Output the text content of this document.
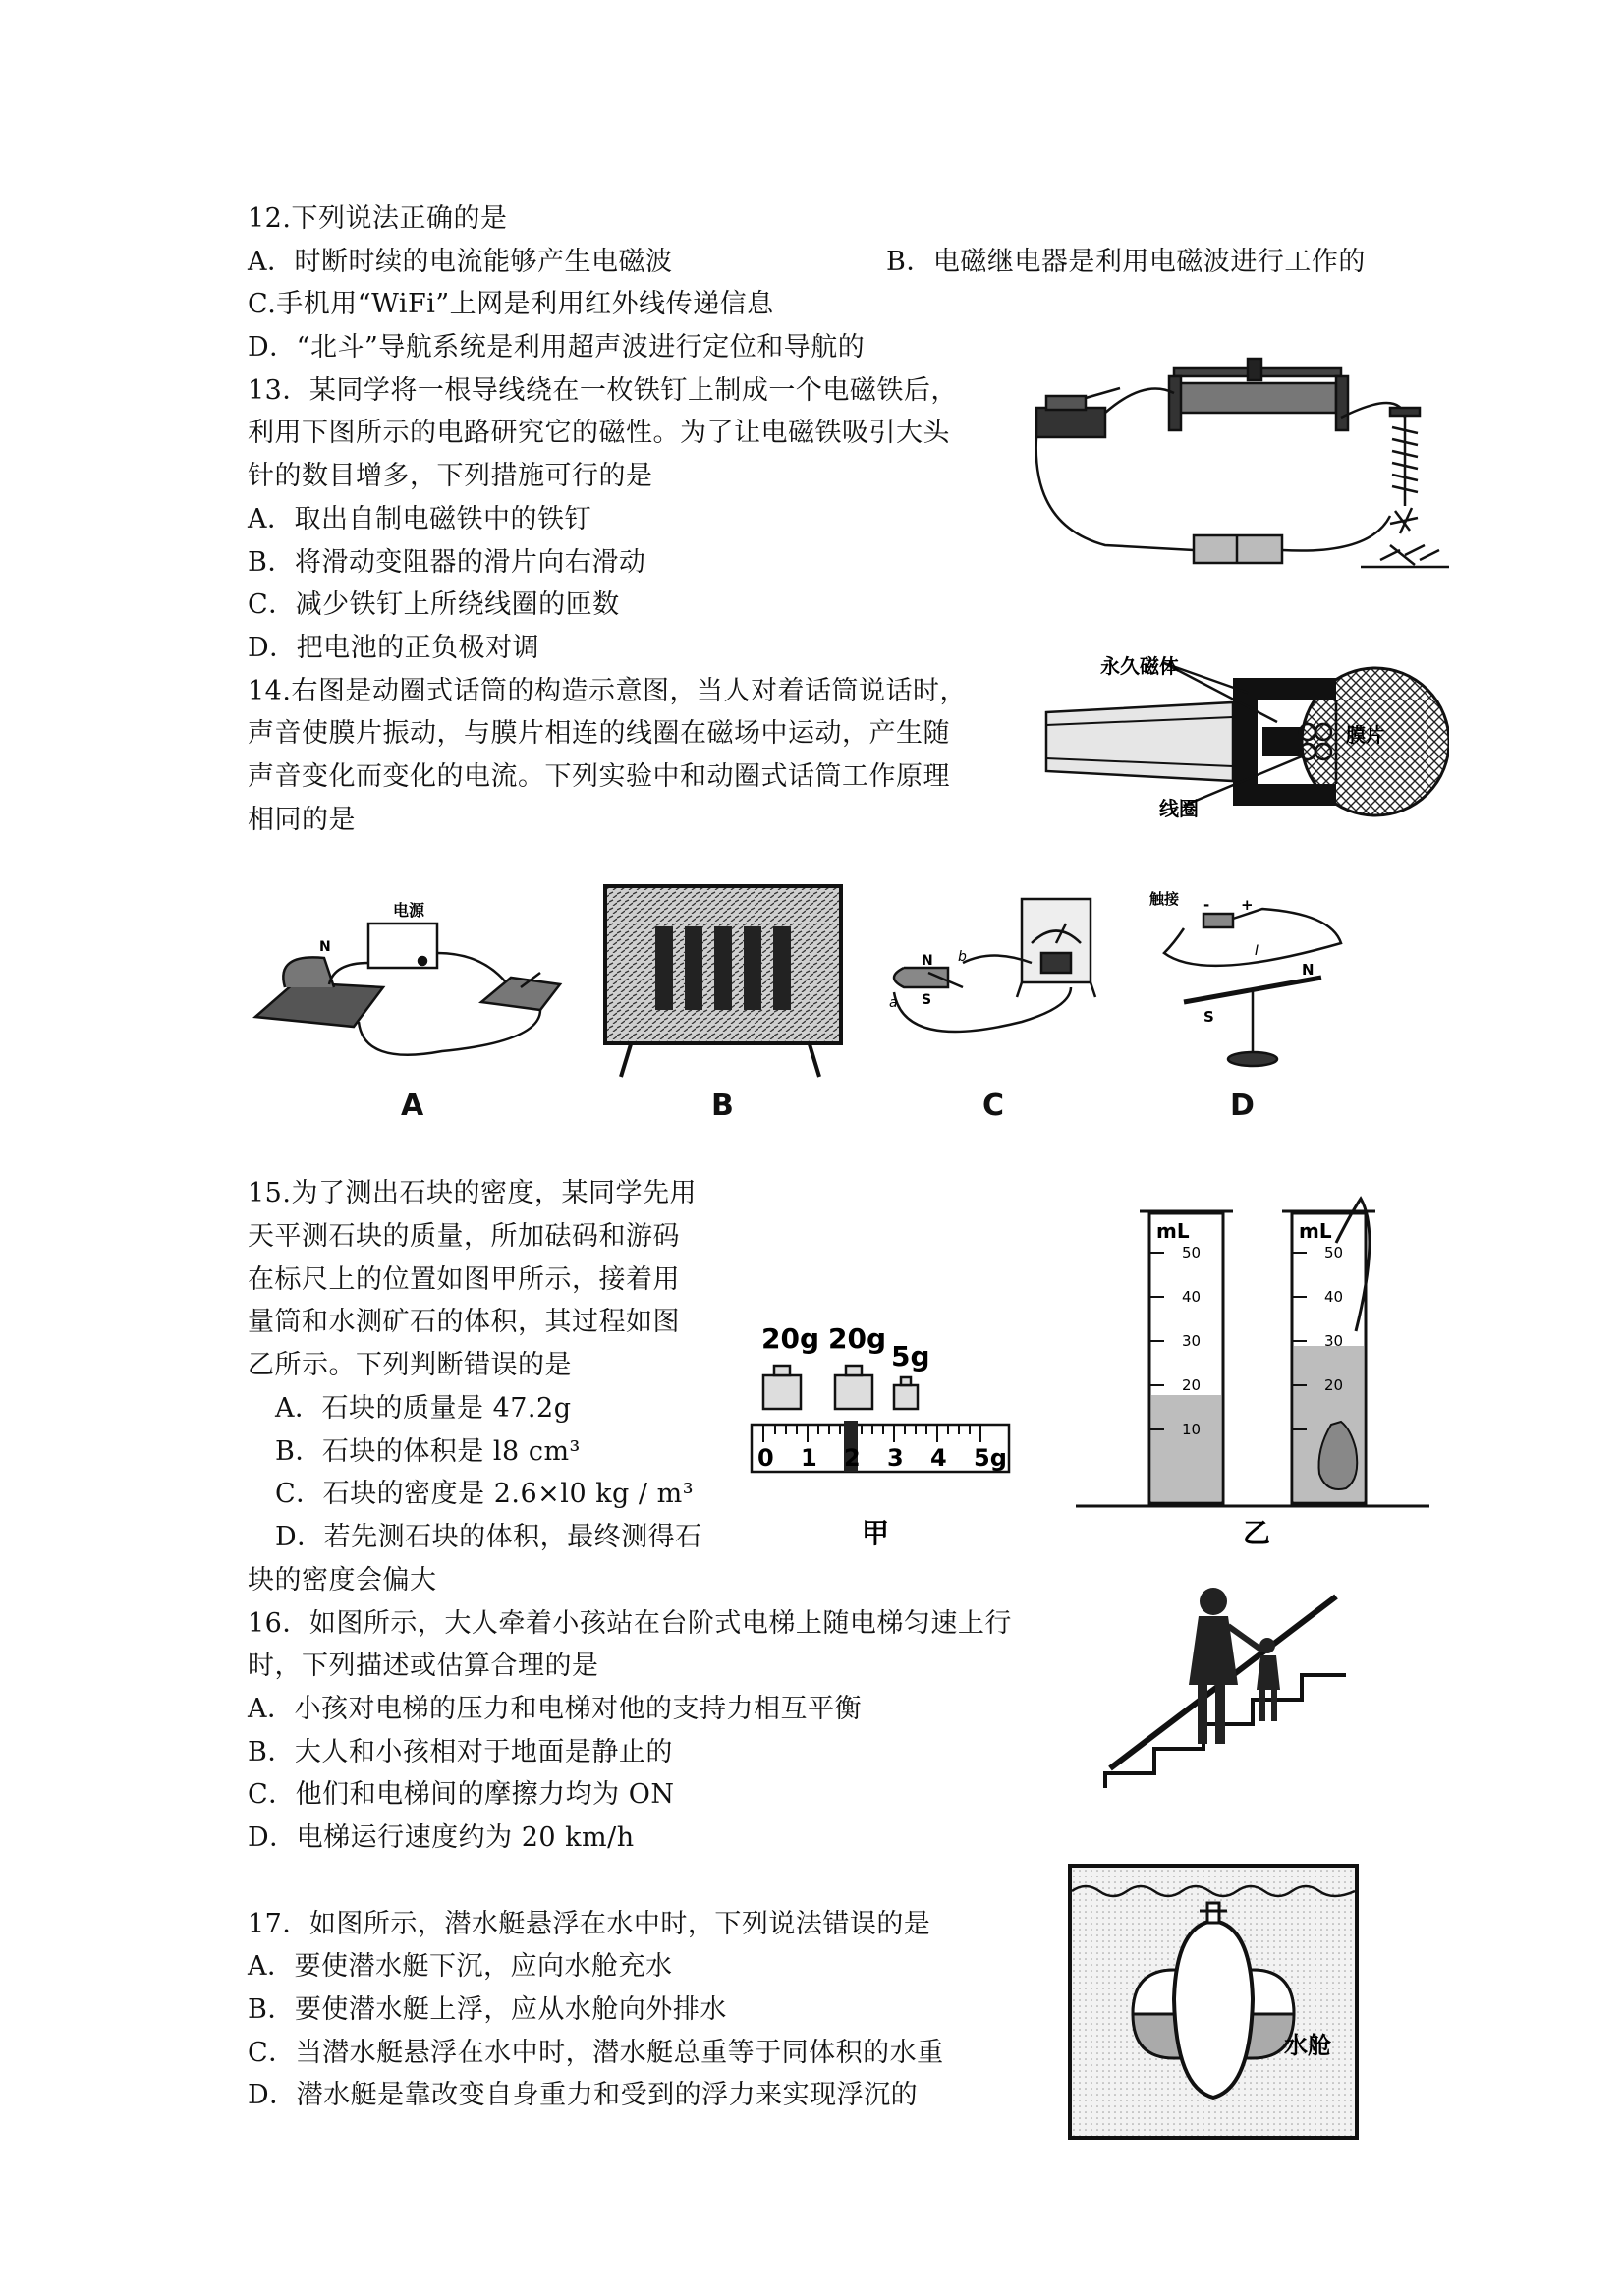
12.下列说法正确的是
A．时断时续的电流能够产生电磁波	B．电磁继电器是利用电磁波进行工作的
C.手机用“WiFi”上网是利用红外线传递信息
D．“北斗”导航系统是利用超声波进行定位和导航的
13．某同学将一根导线绕在一枚铁钉上制成一个电磁铁后，
利用下图所示的电路研究它的磁性。为了让电磁铁吸引大头
针的数目增多，下列措施可行的是
A．取出自制电磁铁中的铁钉
B．将滑动变阻器的滑片向右滑动
C．减少铁钉上所绕线圈的匝数
D．把电池的正负极对调
14.右图是动圈式话筒的构造示意图，当人对着话筒说话时，
声音使膜片振动，与膜片相连的线圈在磁场中运动，产生随
声音变化而变化的电流。下列实验中和动圈式话筒工作原理
相同的是
永久磁体
膜片
线圈
电源
N
A	B
N
S
a
b
C
触接 - +
I
S
N
D
15.为了测出石块的密度，某同学先用
天平测石块的质量，所加砝码和游码
在标尺上的位置如图甲所示，接着用
量筒和水测矿石的体积，其过程如图
乙所示。下列判断错误的是
A．石块的质量是 47.2g
B．石块的体积是 l8 cm³
C．石块的密度是 2.6×l0 kg / m³
D．若先测石块的体积，最终测得石
块的密度会偏大
20g 20g
5g
0 1 2 3 4 5g
甲
mL	mL
50
40
30
20
10
50
40
30
20
乙
16．如图所示，大人牵着小孩站在台阶式电梯上随电梯匀速上行
时，下列描述或估算合理的是
A．小孩对电梯的压力和电梯对他的支持力相互平衡
B．大人和小孩相对于地面是静止的
C．他们和电梯间的摩擦力均为 ON
D．电梯运行速度约为 20 km/h
17．如图所示，潜水艇悬浮在水中时，下列说法错误的是
A．要使潜水艇下沉，应向水舱充水
B．要使潜水艇上浮，应从水舱向外排水
C．当潜水艇悬浮在水中时，潜水艇总重等于同体积的水重
D．潜水艇是靠改变自身重力和受到的浮力来实现浮沉的
水舱
